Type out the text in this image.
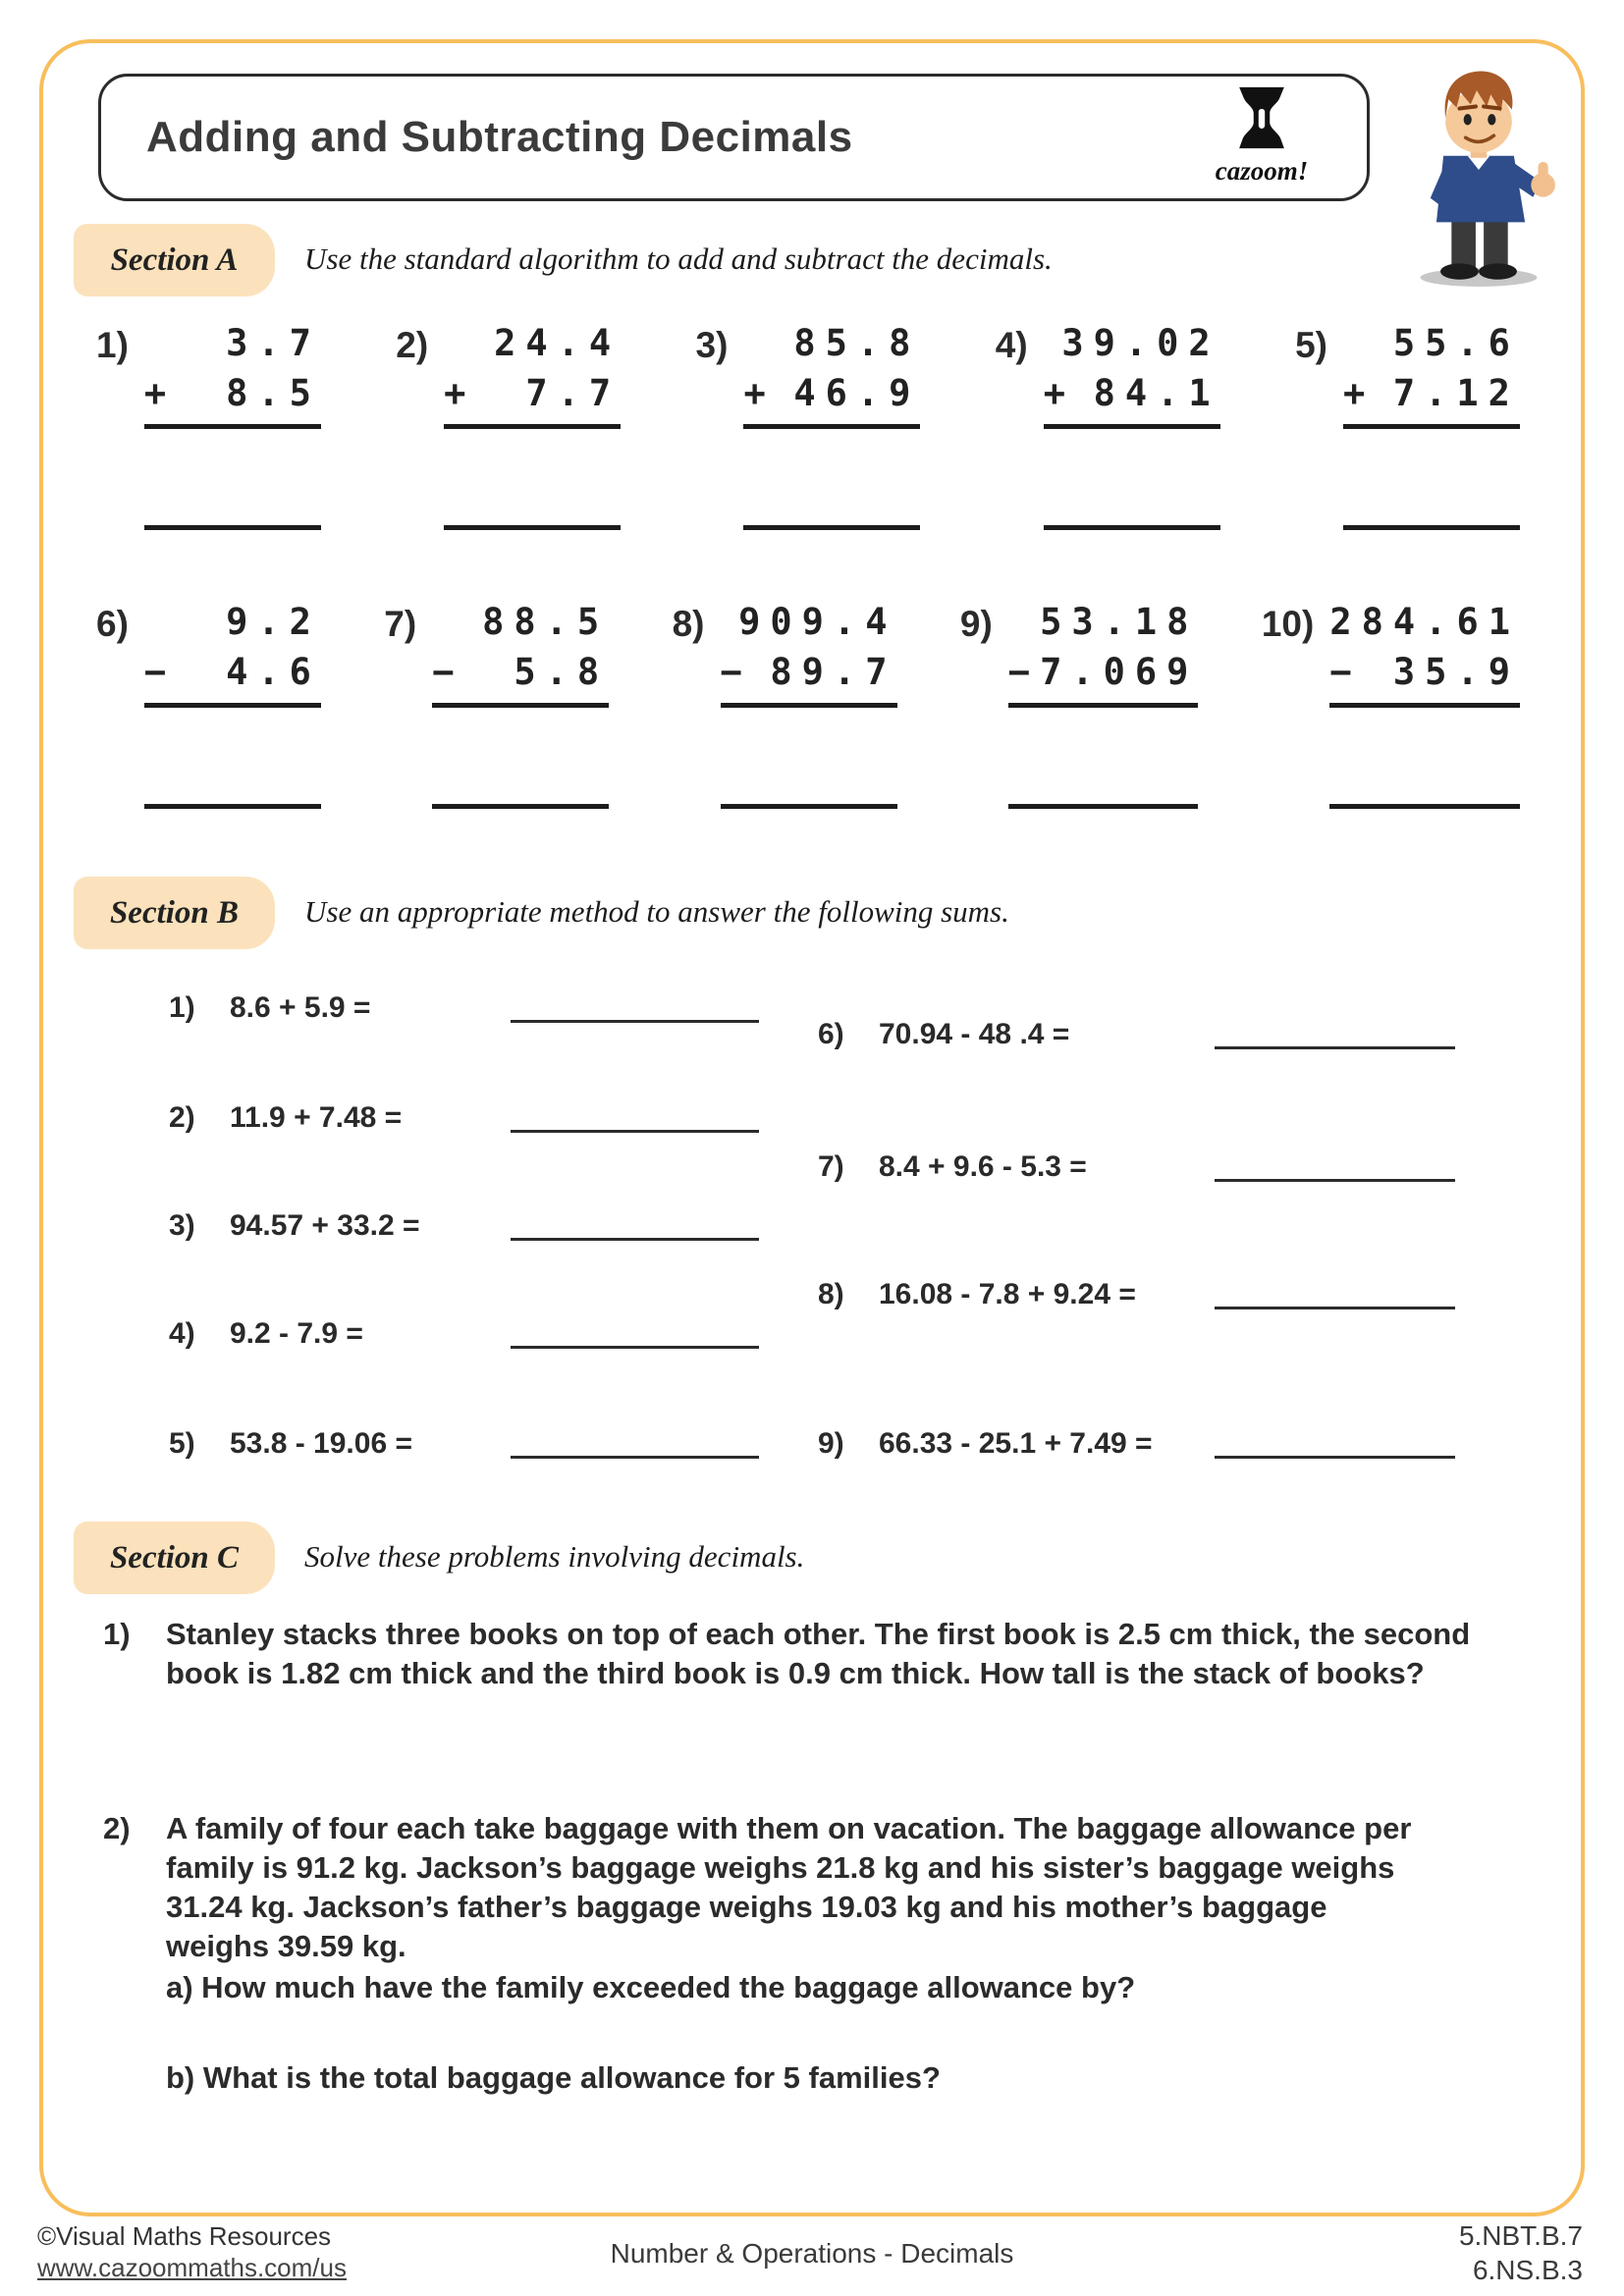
Adding and Subtracting Decimals
cazoom!
Section A Use the standard algorithm to add and subtract the decimals.
1)	3.7
+ 8.5
2)	24.4
+ 7.7
3)	85.8
+ 46.9
4) 39.02
+ 84.1
5)	55.6
+ 7.12
6)	9.2
− 4.6
7)	88.5
− 5.8
8) 909.4
− 89.7
9)	53.18
− 7.069
10) 284.61
− 35.9
Section B Use an appropriate method to answer the following sums.
1)	8.6 + 5.9 =
2)	11.9 + 7.48 =
3)	94.57 + 33.2 =
4)	9.2 - 7.9 =
5)	53.8 - 19.06 =
6)	70.94 - 48 .4 =
7)	8.4 + 9.6 - 5.3 =
8)	16.08 - 7.8 + 9.24 =
9)	66.33 - 25.1 + 7.49 =
Section C Solve these problems involving decimals.
1)	Stanley stacks three books on top of each other. The first book is 2.5 cm thick, the second book is 1.82 cm thick and the third book is 0.9 cm thick. How tall is the stack of books?
2)	A family of four each take baggage with them on vacation. The baggage allowance per family is 91.2 kg. Jackson’s baggage weighs 21.8 kg and his sister’s baggage weighs 31.24 kg. Jackson’s father’s baggage weighs 19.03 kg and his mother’s baggage weighs 39.59 kg.
a) How much have the family exceeded the baggage allowance by?
b) What is the total baggage allowance for 5 families?
©Visual Maths Resources
www.cazoommaths.com/us	Number & Operations - Decimals
5.NBT.B.7
6.NS.B.3
